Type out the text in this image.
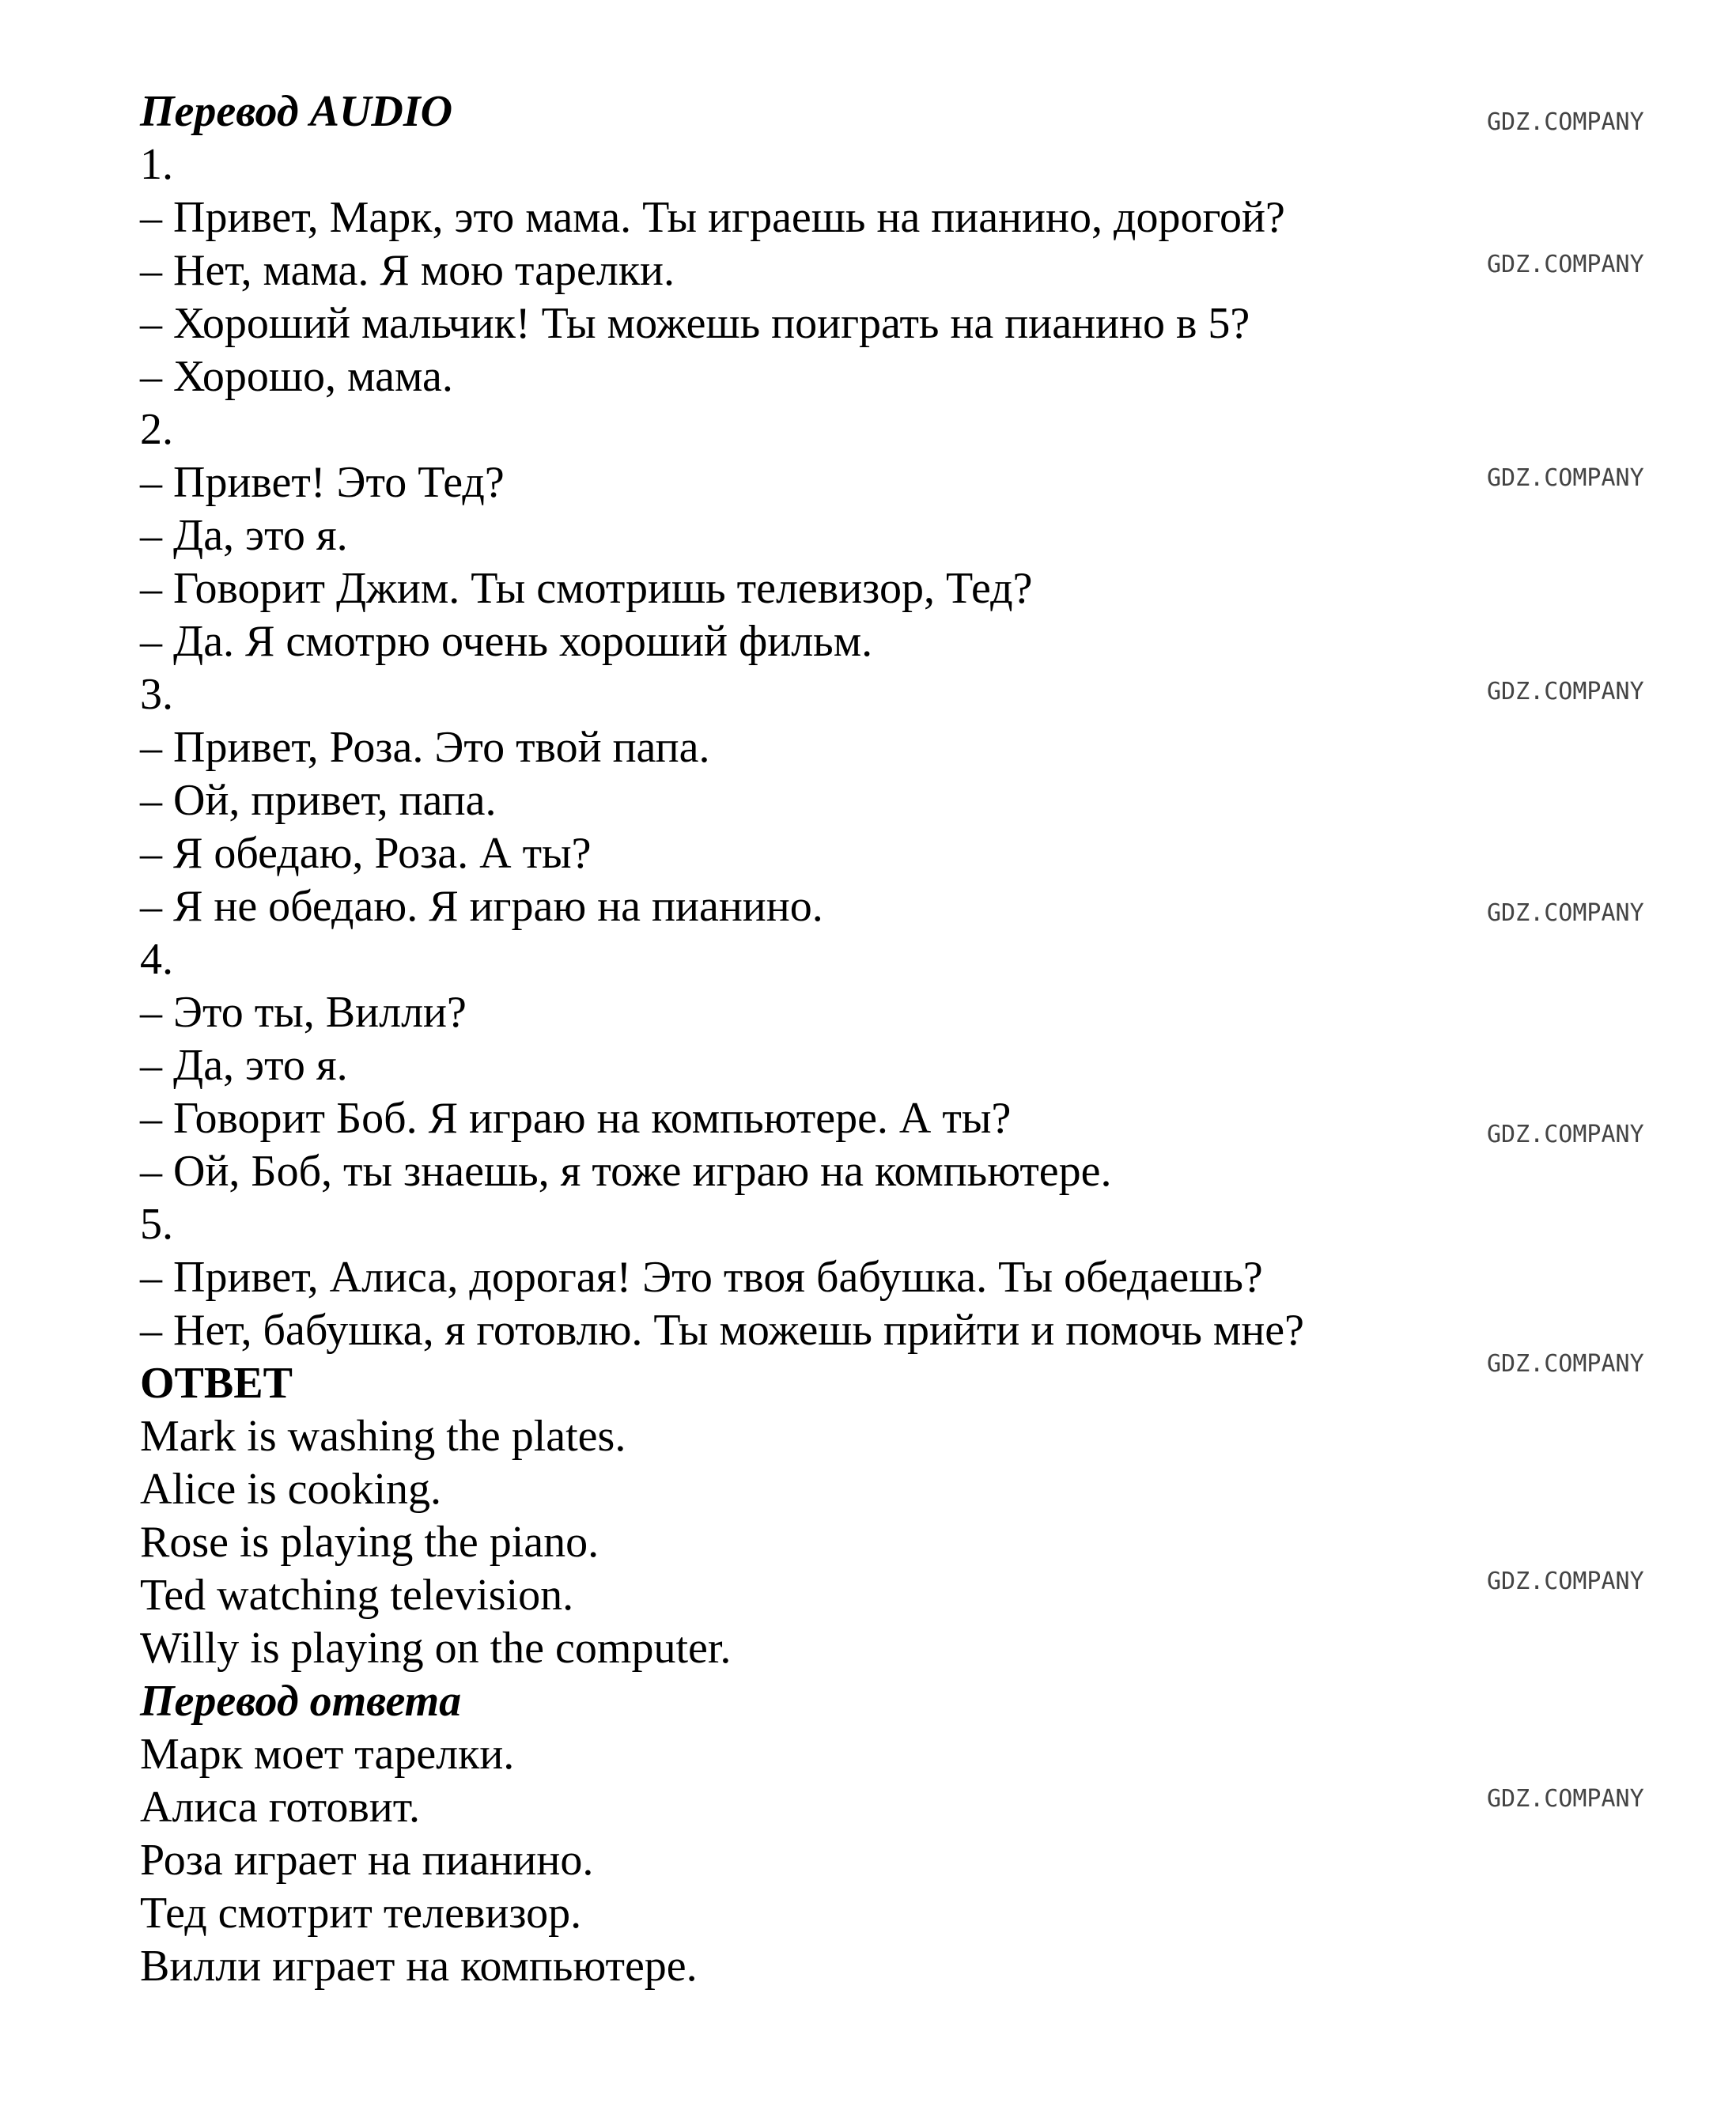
Перевод AUDIO
1.
– Привет, Марк, это мама. Ты играешь на пианино, дорогой?
– Нет, мама. Я мою тарелки.
– Хороший мальчик! Ты можешь поиграть на пианино в 5?
– Хорошо, мама.
2.
– Привет! Это Тед?
– Да, это я.
– Говорит Джим. Ты смотришь телевизор, Тед?
– Да. Я смотрю очень хороший фильм.
3.
– Привет, Роза. Это твой папа.
– Ой, привет, папа.
– Я обедаю, Роза. А ты?
– Я не обедаю. Я играю на пианино.
4.
– Это ты, Вилли?
– Да, это я.
– Говорит Боб. Я играю на компьютере. А ты?
– Ой, Боб, ты знаешь, я тоже играю на компьютере.
5.
– Привет, Алиса, дорогая! Это твоя бабушка. Ты обедаешь?
– Нет, бабушка, я готовлю. Ты можешь прийти и помочь мне?
ОТВЕТ
Mark is washing the plates.
Alice is cooking.
Rose is playing the piano.
Ted watching television.
Willy is playing on the computer.
Перевод ответа
Марк моет тарелки.
Алиса готовит.
Роза играет на пианино.
Тед смотрит телевизор.
Вилли играет на компьютере.
GDZ.COMPANY
GDZ.COMPANY
GDZ.COMPANY
GDZ.COMPANY
GDZ.COMPANY
GDZ.COMPANY
GDZ.COMPANY
GDZ.COMPANY
GDZ.COMPANY
